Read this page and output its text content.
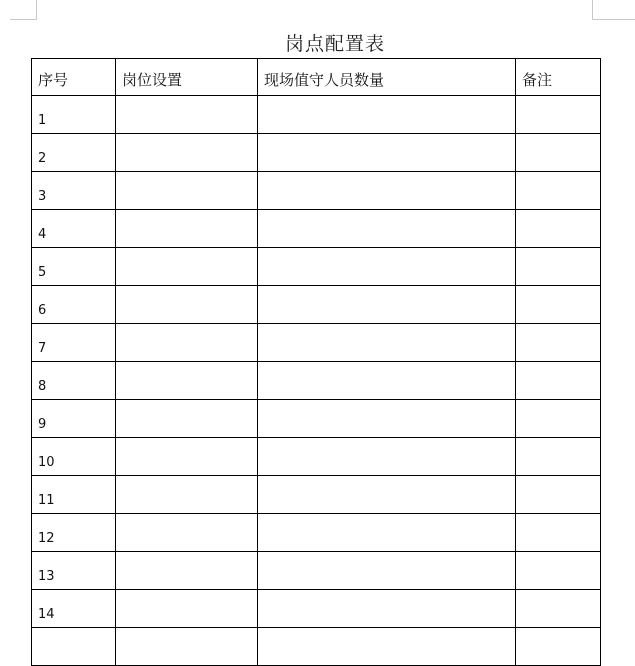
岗点配置表
序号	岗位设置	现场值守人员数量	备注
1			
2			
3			
4			
5			
6			
7			
8			
9			
10			
11			
12			
13			
14			
